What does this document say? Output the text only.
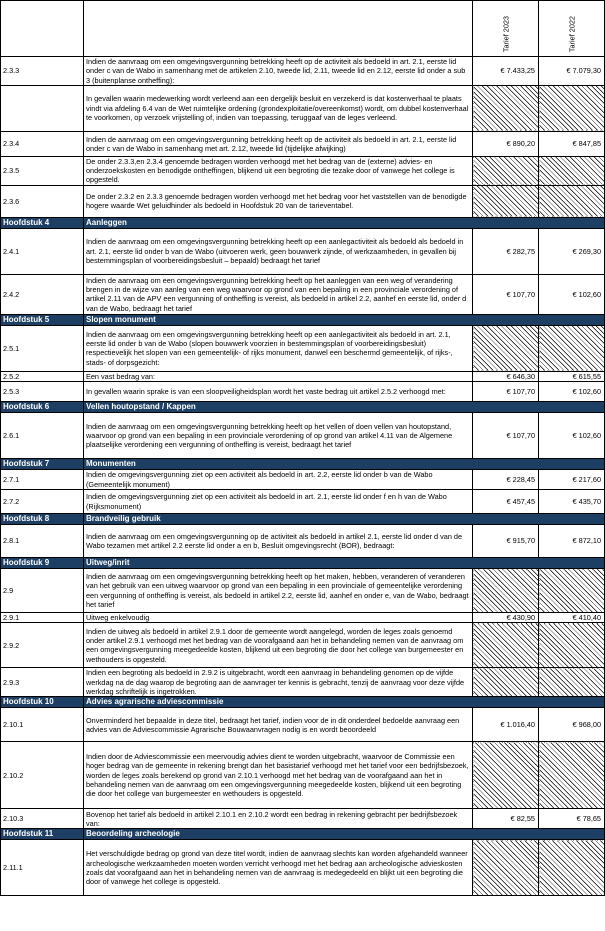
		Tarief 2023	Tarief 2022

2.3.3	Indien de aanvraag om een omgevingsvergunning betrekking heeft op de activiteit als bedoeld in art. 2.1, eerste lid onder c van de Wabo in samenhang met de artikelen 2.10, tweede lid, 2.11, tweede lid en 2.12, eerste lid onder a sub 3 (buitenplanse ontheffing):	€ 7.433,25	€ 7.079,30
	In gevallen waarin medewerking wordt verleend aan een dergelijk besluit en verzekerd is dat kostenverhaal te plaats vindt via afdeling 6.4 van de Wet ruimtelijke ordening (grondexploitatie/overeenkomst) wordt, om dubbel kostenverhaal te voorkomen, op verzoek vrijstelling of, indien van toepassing, teruggaaf van de leges verleend.		
2.3.4	Indien de aanvraag om een omgevingsvergunning betrekking heeft op de activiteit als bedoeld in art. 2.1, eerste lid onder c van de Wabo in samenhang met art. 2.12, tweede lid (tijdelijke afwijking)	€ 890,20	€ 847,85
2.3.5	De onder 2.3.3,en 2.3.4 genoemde bedragen worden verhoogd met het bedrag van de (externe) advies- en onderzoekskosten en benodigde ontheffingen, blijkend uit een begroting die tezake door of vanwege het college is opgesteld.		
2.3.6	De onder 2.3.2 en 2.3.3 genoemde bedragen worden verhoogd met het bedrag voor het vaststellen van de benodigde hogere waarde Wet geluidhinder als bedoeld in Hoofdstuk 20 van de tarieventabel.		
Hoofdstuk 4	Aanleggen		
2.4.1	Indien de aanvraag om een omgevingsvergunning betrekking heeft op een aanlegactiviteit als bedoeld als bedoeld in art. 2.1, eerste lid onder b van de Wabo (uitvoeren werk, geen bouwwerk zijnde, of werkzaamheden, in gevallen bij bestemmingsplan of voorbereidingsbesluit – bepaald) bedraagt het tarief	€ 282,75	€ 269,30
2.4.2	Indien de aanvraag om een omgevingsvergunning betrekking heeft op het aanleggen van een weg of verandering brengen in de wijze van aanleg van een weg waarvoor op grond van een bepaling in een provinciale verordening of artikel 2.11 van de APV een vergunning of ontheffing is vereist, als bedoeld in artikel 2.2, aanhef en eerste lid, onder d van de Wabo, bedraagt het tarief	€ 107,70	€ 102,60
Hoofdstuk 5	Slopen monument		
2.5.1	Indien de aanvraag om een omgevingsvergunning betrekking heeft op een aanlegactiviteit als bedoeld in art. 2.1, eerste lid onder b van de Wabo (slopen bouwwerk voorzien in bestemmingsplan of voorbereidingsbesluit) respectievelijk het slopen van een gemeentelijk- of rijks monument, danwel een beschermd gemeentelijk, of rijks-, stads- of dorpsgezicht:		
2.5.2	Een vast bedrag van:	€ 646,30	€ 615,55
2.5.3	In gevallen waarin sprake is van een sloopveiligheidsplan wordt het vaste bedrag uit artikel 2.5.2 verhoogd met:	€ 107,70	€ 102,60
Hoofdstuk 6	Vellen houtopstand / Kappen		
2.6.1	Indien de aanvraag om een omgevingsvergunning betrekking heeft op het vellen of doen vellen van houtopstand, waarvoor op grond van een bepaling in een provinciale verordening of op grond van artikel 4.11 van de Algemene plaatselijke verordening een vergunning of ontheffing is vereist, bedraagt het tarief	€ 107,70	€ 102,60
Hoofdstuk 7	Monumenten		
2.7.1	Indien de omgevingsvergunning ziet op een activiteit als bedoeld in art. 2.2, eerste lid onder b van de Wabo (Gemeentelijk monument)	€ 228,45	€ 217,60
2.7.2	Indien de omgevingsvergunning ziet op een activiteit als bedoeld in art. 2.1, eerste lid onder f en h van de Wabo (Rijksmonument)	€ 457,45	€ 435,70
Hoofdstuk 8	Brandveilig gebruik		
2.8.1	Indien de aanvraag om een omgevingsvergunning op de activiteit als bedoeld in artikel 2.1, eerste lid onder d van de Wabo tezamen met artikel 2.2 eerste lid onder a en b, Besluit omgevingsrecht (BOR), bedraagt:	€ 915,70	€ 872,10
Hoofdstuk 9	Uitweg/inrit		
2.9	Indien de aanvraag om een omgevingsvergunning betrekking heeft op het maken, hebben, veranderen of veranderen van het gebruik van een uitweg waarvoor op grond van een bepaling in een provinciale of gemeentelijke verordening een vergunning of ontheffing is vereist, als bedoeld in artikel 2.2, eerste lid, aanhef en onder e, van de Wabo, bedraagt het tarief		
2.9.1	Uitweg enkelvoudig	€ 430,90	€ 410,40
2.9.2	Indien de uitweg als bedoeld in artikel 2.9.1 door de gemeente wordt aangelegd, worden de leges zoals genoemd onder artikel 2.9.1 verhoogd met het bedrag van de voorafgaand aan het in behandeling nemen van de aanvraag om een omgevingsvergunning meegedeelde kosten, blijkend uit een begroting die door het college van burgemeester en wethouders is opgesteld.		
2.9.3	Indien een begroting als bedoeld in 2.9.2 is uitgebracht, wordt een aanvraag in behandeling genomen op de vijfde werkdag na de dag waarop de begroting aan de aanvrager ter kennis is gebracht, tenzij de aanvraag voor deze vijfde werkdag schriftelijk is ingetrokken.		
Hoofdstuk 10	Advies agrarische adviescommissie		
2.10.1	Onverminderd het bepaalde in deze titel, bedraagt het tarief, indien voor de in dit onderdeel bedoelde aanvraag een advies van de Adviescommissie Agrarische Bouwaanvragen nodig is en wordt beoordeeld	€ 1.016,40	€ 968,00
2.10.2	Indien door de Adviescommissie een meervoudig advies dient te worden uitgebracht, waarvoor de Commissie een hoger bedrag van de gemeente in rekening brengt dan het basistarief verhoogd met het tarief voor een bedrijfsbezoek, worden de leges zoals berekend op grond van 2.10.1 verhoogd met het bedrag van de voorafgaand aan het in behandeling nemen van de aanvraag om een omgevingsvergunning meegedeelde kosten, blijkend uit een begroting die door het college van burgemeester en wethouders is opgesteld.		
2.10.3	Bovenop het tarief als bedoeld in artikel 2.10.1 en 2.10.2 wordt een bedrag in rekening gebracht per bedrijfsbezoek van:	€ 82,55	€ 78,65
Hoofdstuk 11	Beoordeling archeologie		
2.11.1	Het verschuldigde bedrag op grond van deze titel wordt, indien de aanvraag slechts kan worden afgehandeld wanneer archeologische werkzaamheden moeten worden verricht verhoogd met het bedrag aan archeologische advieskosten zoals dat voorafgaand aan het in behandeling nemen van de aanvraag is medegedeeld en blijkt uit een begroting die door of vanwege het college is opgesteld.		
